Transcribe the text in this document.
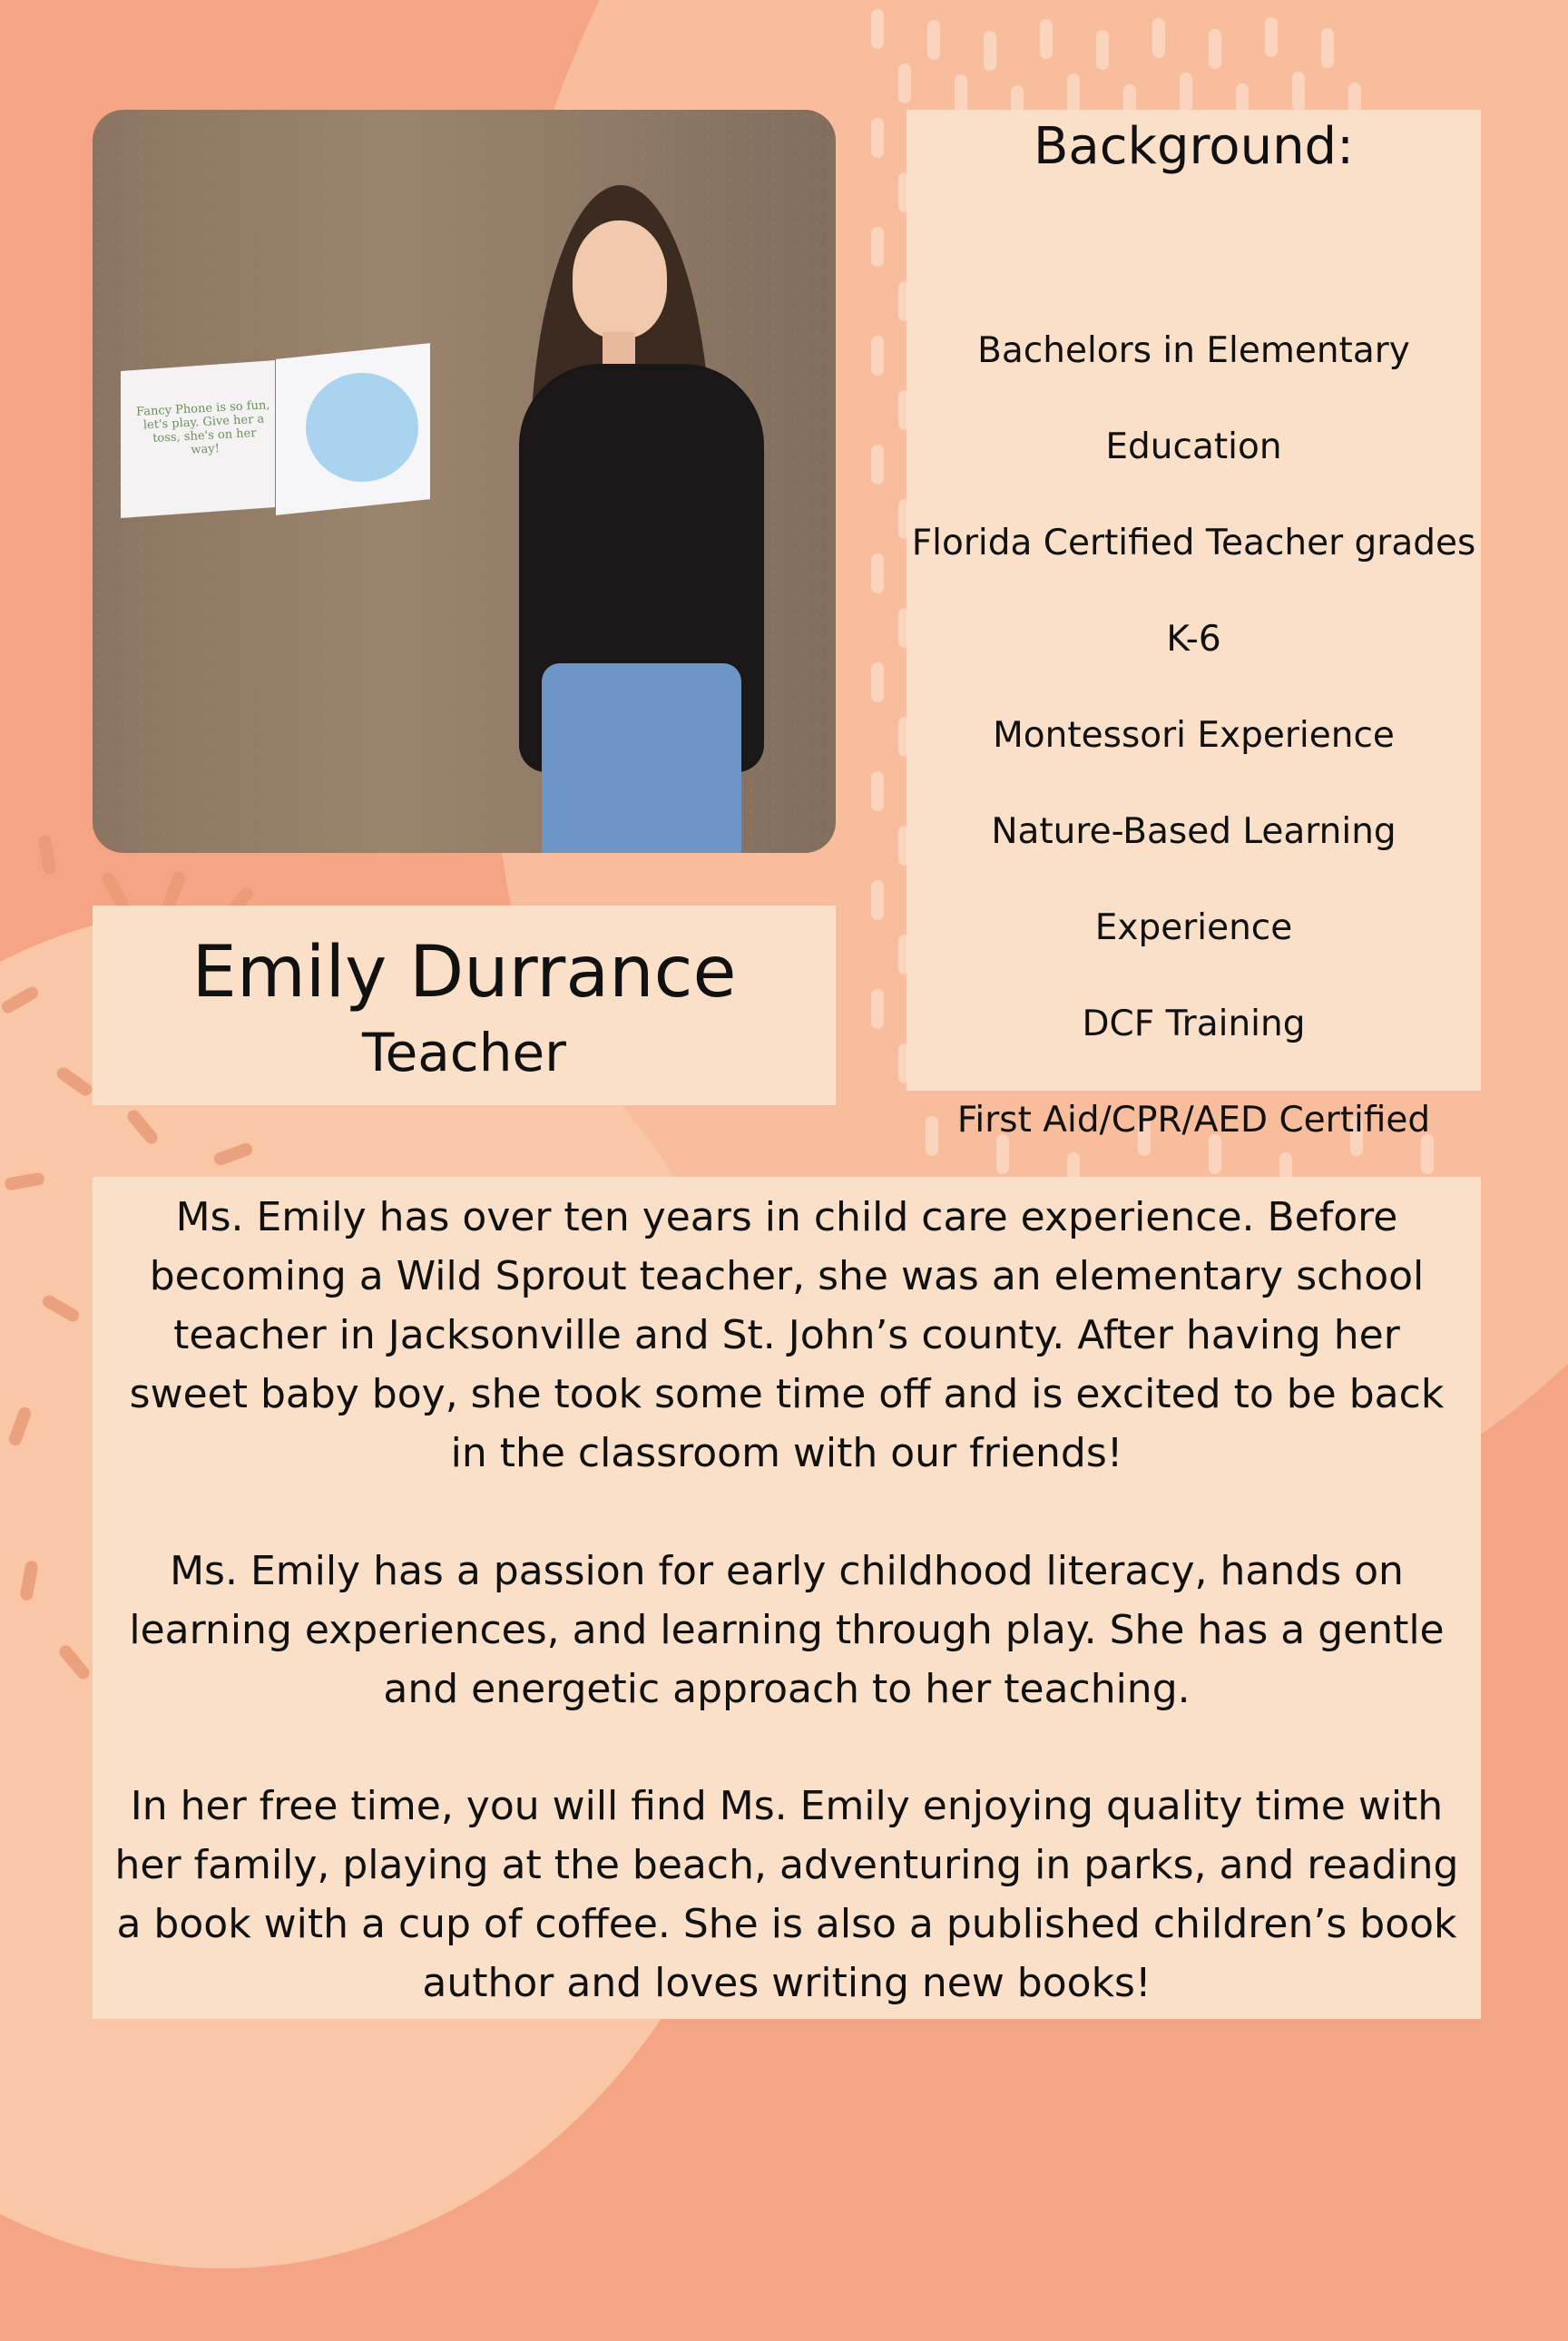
Fancy Phone is so fun, let's play. Give her a toss, she's on her way!
Background:
Bachelors in Elementary
Education
Florida Certified Teacher grades
K-6
Montessori Experience
Nature-Based Learning
Experience
DCF Training
First Aid/CPR/AED Certified
Emily Durrance
Teacher

Ms. Emily has over ten years in child care experience. Before becoming a Wild Sprout teacher, she was an elementary school teacher in Jacksonville and St. John’s county. After having her sweet baby boy, she took some time off and is excited to be back in the classroom with our friends!

Ms. Emily has a passion for early childhood literacy, hands on learning experiences, and learning through play. She has a gentle and energetic approach to her teaching.

In her free time, you will find Ms. Emily enjoying quality time with her family, playing at the beach, adventuring in parks, and reading a book with a cup of coffee. She is also a published children’s book author and loves writing new books!
